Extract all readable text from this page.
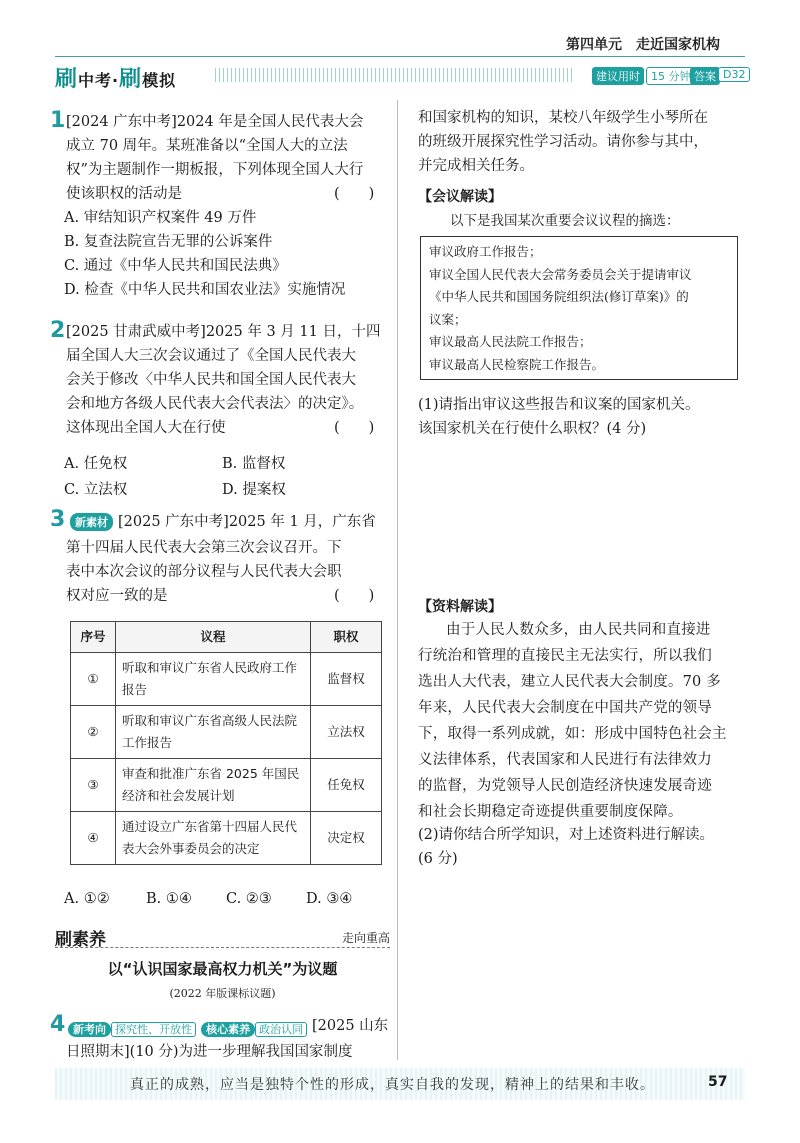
第四单元　走近国家机构
刷中考·刷模拟	建议用时	15 分钟 答案 D32
1 [2024 广东中考]2024 年是全国人民代表大会
成立 70 周年。某班准备以“全国人大的立法
权”为主题制作一期板报，下列体现全国人大行
使该职权的活动是	(　　)
A. 审结知识产权案件 49 万件
B. 复查法院宣告无罪的公诉案件
C. 通过《中华人民共和国民法典》
D. 检查《中华人民共和国农业法》实施情况
2 [2025 甘肃武威中考]2025 年 3 月 11 日，十四
届全国人大三次会议通过了《全国人民代表大
会关于修改〈中华人民共和国全国人民代表大
会和地方各级人民代表大会代表法〉的决定》。
这体现出全国人大在行使	(　　)
A. 任免权	B. 监督权
C. 立法权	D. 提案权
3 新素材 [2025 广东中考]2025 年 1 月，广东省
第十四届人民代表大会第三次会议召开。下
表中本次会议的部分议程与人民代表大会职
权对应一致的是	(　　)
序号	议程	职权
①	听取和审议广东省人民政府工作报告	监督权
②	听取和审议广东省高级人民法院工作报告	立法权
③	审查和批准广东省 2025 年国民经济和社会发展计划	任免权
④	通过设立广东省第十四届人民代表大会外事委员会的决定	决定权
A. ①②	B. ①④ C. ②③ D. ③④
刷素养	走向重高
以“认识国家最高权力机关”为议题
(2022 年版课标议题)
4 新考向 探究性、开放性 核心素养 政治认同 [2025 山东
日照期末](10 分)为进一步理解我国国家制度
和国家机构的知识，某校八年级学生小琴所在
的班级开展探究性学习活动。请你参与其中，
并完成相关任务。
【会议解读】
以下是我国某次重要会议议程的摘选：
审议政府工作报告；
审议全国人民代表大会常务委员会关于提请审议
《中华人民共和国国务院组织法(修订草案)》的
议案；
审议最高人民法院工作报告；
审议最高人民检察院工作报告。
(1)请指出审议这些报告和议案的国家机关。
该国家机关在行使什么职权？(4 分)
【资料解读】
由于人民人数众多，由人民共同和直接进
行统治和管理的直接民主无法实行，所以我们
选出人大代表，建立人民代表大会制度。70 多
年来，人民代表大会制度在中国共产党的领导
下，取得一系列成就，如：形成中国特色社会主
义法律体系，代表国家和人民进行有法律效力
的监督，为党领导人民创造经济快速发展奇迹
和社会长期稳定奇迹提供重要制度保障。
(2)请你结合所学知识，对上述资料进行解读。
(6 分)
真正的成熟，应当是独特个性的形成，真实自我的发现，精神上的结果和丰收。	57
